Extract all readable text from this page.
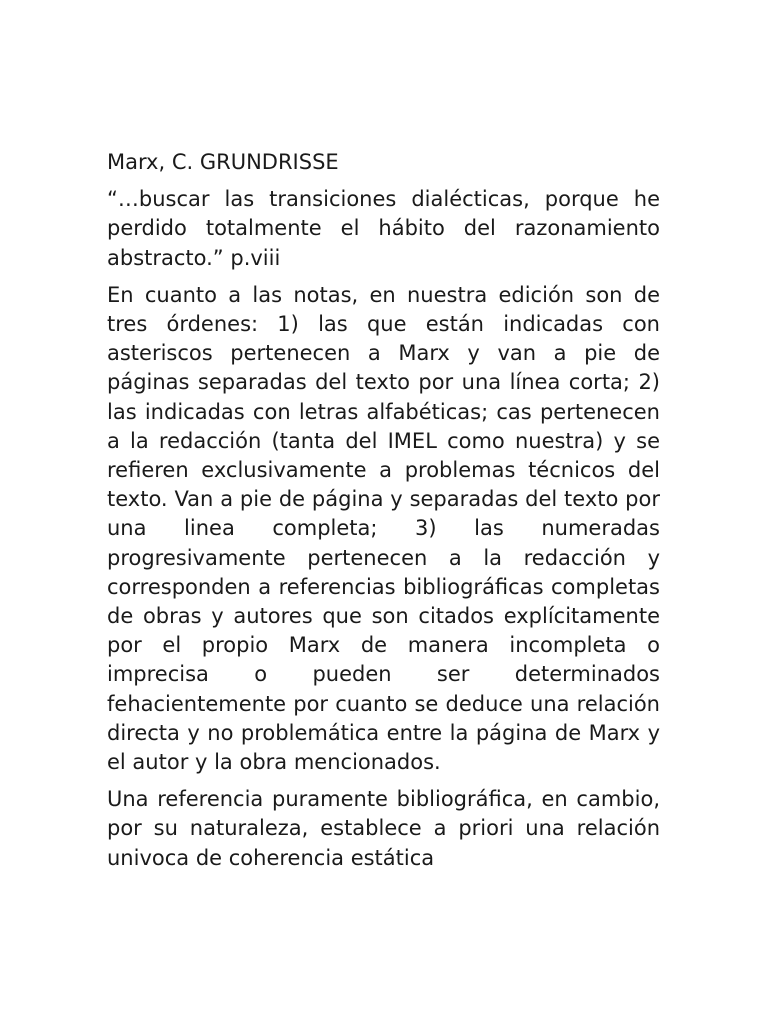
Marx, C. GRUNDRISSE

“…buscar las transiciones dialécticas, porque he perdido totalmente el hábito del razonamiento abstracto.” p.viii

En cuanto a las notas, en nuestra edición son de tres órdenes: 1) las que están indicadas con asteriscos pertenecen a Marx y van a pie de páginas separadas del texto por una línea corta; 2) las indicadas con letras alfabéticas; cas pertenecen a la redacción (tanta del IMEL como nuestra) y se refieren exclusivamente a problemas técnicos del texto. Van a pie de página y separadas del texto por una linea completa; 3) las numeradas progresivamente pertenecen a la redacción y corresponden a referencias bibliográficas completas de obras y autores que son citados explícitamente por el propio Marx de manera incompleta o imprecisa o pueden ser determinados fehacientemente por cuanto se deduce una relación directa y no problemática entre la página de Marx y el autor y la obra mencionados.

Una referencia puramente bibliográfica, en cambio, por su naturaleza, establece a priori una relación univoca de coherencia estática
